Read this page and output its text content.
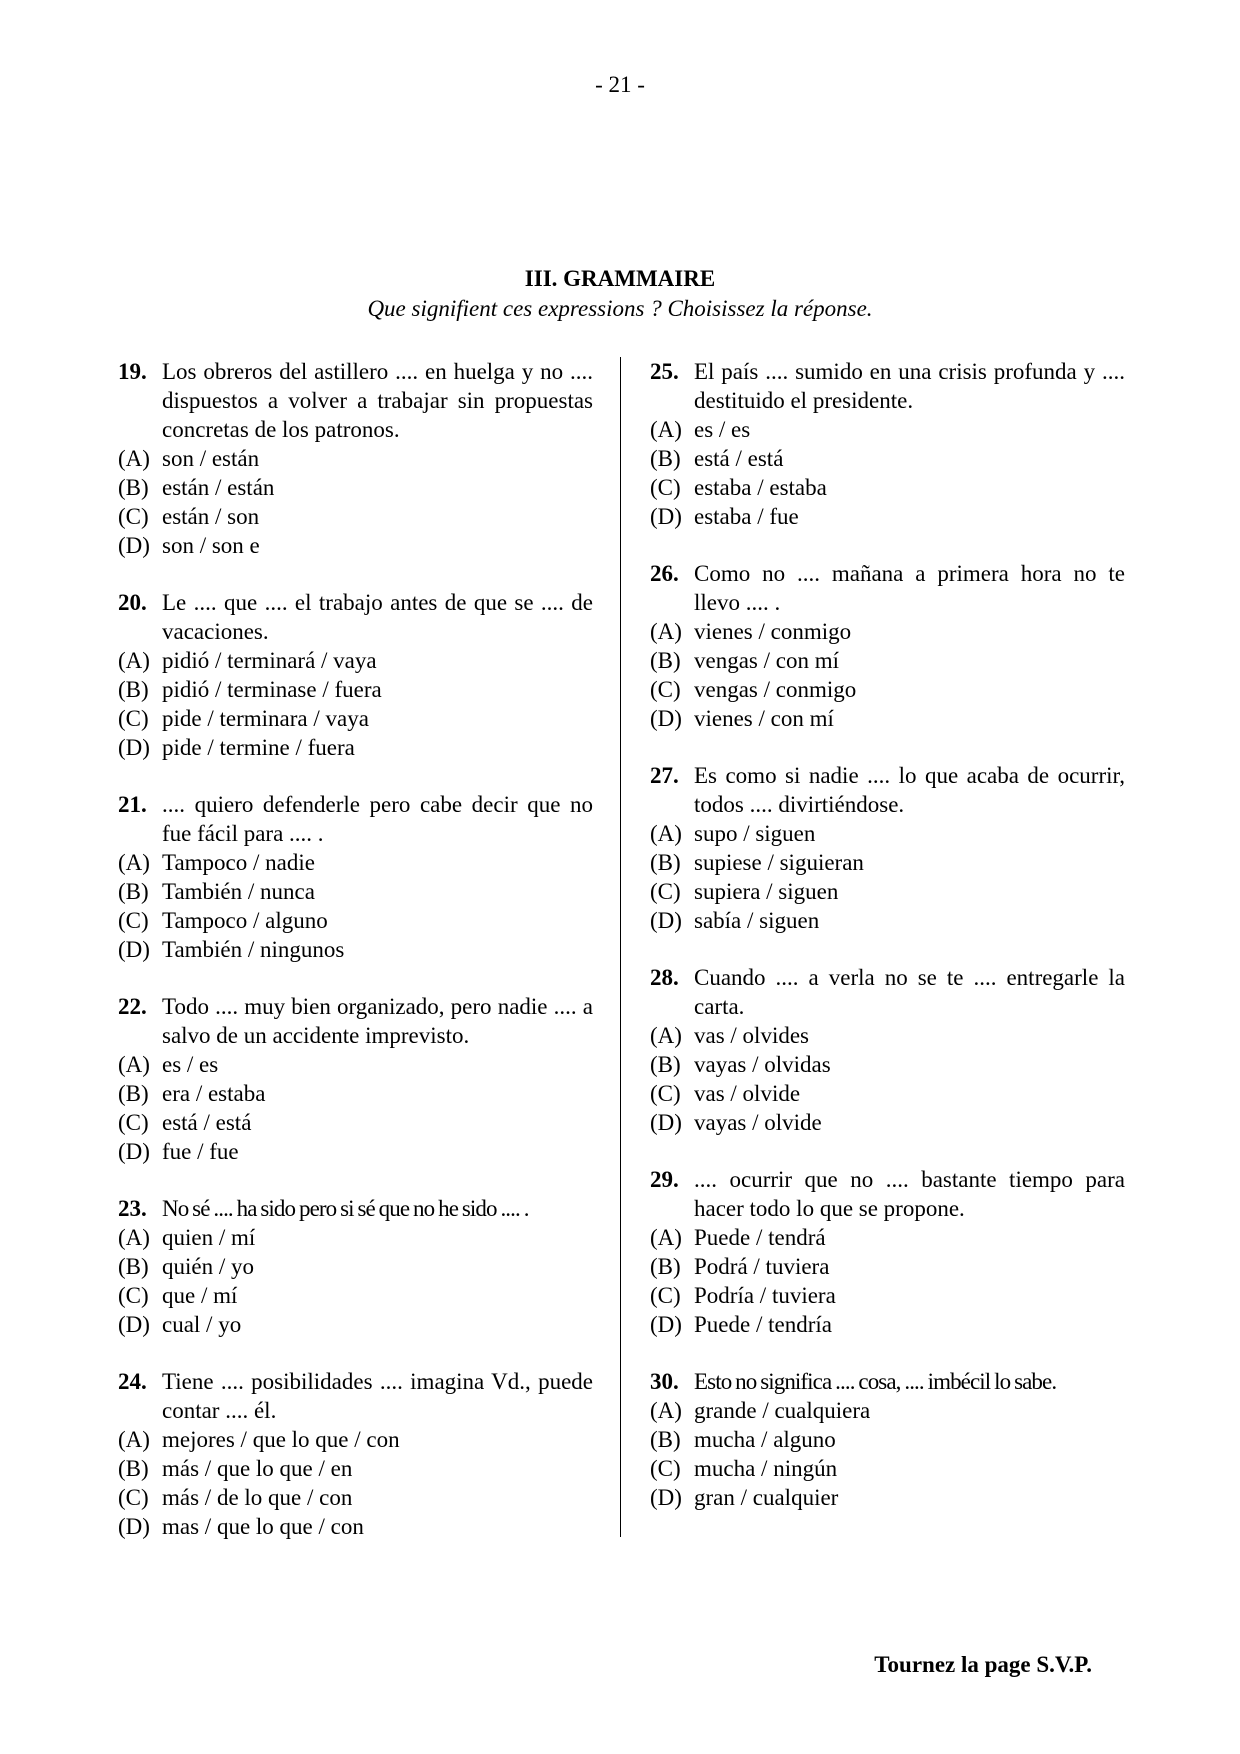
- 21 -
III. GRAMMAIRE
Que signifient ces expressions ? Choisissez la réponse.
19. Los obreros del astillero .... en huelga y no .... dispuestos a volver a trabajar sin propuestas concretas de los patronos.
(A) son / están
(B) están / están
(C) están / son
(D) son / son e
20. Le .... que .... el trabajo antes de que se .... de vacaciones.
(A) pidió / terminará / vaya
(B) pidió / terminase / fuera
(C) pide / terminara / vaya
(D) pide / termine / fuera
21. .... quiero defenderle pero cabe decir que no fue fácil para .... .
(A) Tampoco / nadie
(B) También / nunca
(C) Tampoco / alguno
(D) También / ningunos
22. Todo .... muy bien organizado, pero nadie .... a salvo de un accidente imprevisto.
(A) es / es
(B) era / estaba
(C) está / está
(D) fue / fue
23. No sé .... ha sido pero si sé que no he sido .... .
(A) quien / mí
(B) quién / yo
(C) que / mí
(D) cual / yo
24. Tiene .... posibilidades .... imagina Vd., puede contar .... él.
(A) mejores / que lo que / con
(B) más / que lo que / en
(C) más / de lo que / con
(D) mas / que lo que / con
25. El país .... sumido en una crisis profunda y .... destituido el presidente.
(A) es / es
(B) está / está
(C) estaba / estaba
(D) estaba / fue
26. Como no .... mañana a primera hora no te llevo .... .
(A) vienes / conmigo
(B) vengas / con mí
(C) vengas / conmigo
(D) vienes / con mí
27. Es como si nadie .... lo que acaba de ocurrir, todos .... divirtiéndose.
(A) supo / siguen
(B) supiese / siguieran
(C) supiera / siguen
(D) sabía / siguen
28. Cuando .... a verla no se te .... entregarle la carta.
(A) vas / olvides
(B) vayas / olvidas
(C) vas / olvide
(D) vayas / olvide
29. .... ocurrir que no .... bastante tiempo para hacer todo lo que se propone.
(A) Puede / tendrá
(B) Podrá / tuviera
(C) Podría / tuviera
(D) Puede / tendría
30. Esto no significa .... cosa, .... imbécil lo sabe.
(A) grande / cualquiera
(B) mucha / alguno
(C) mucha / ningún
(D) gran / cualquier
Tournez la page S.V.P.
